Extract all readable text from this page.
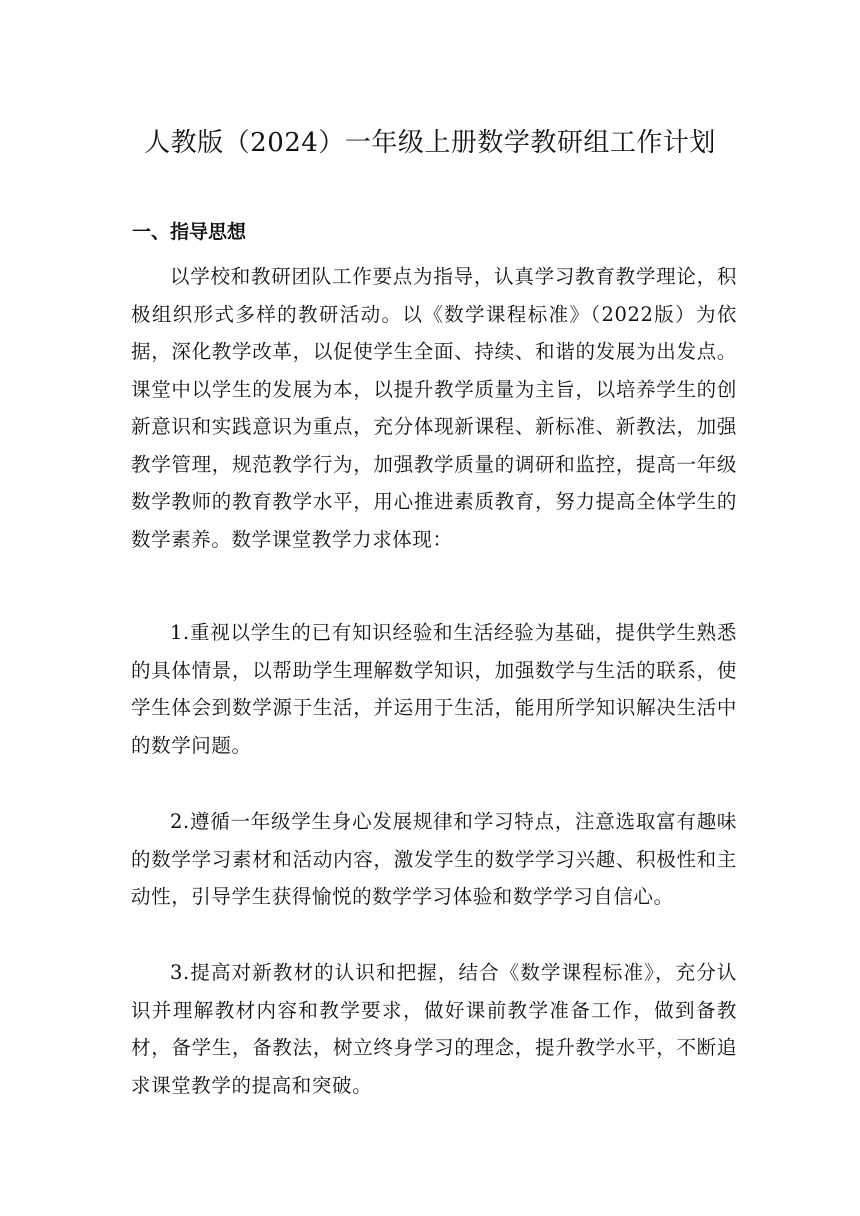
人教版（2024）一年级上册数学教研组工作计划
一、指导思想

以学校和教研团队工作要点为指导，认真学习教育教学理论，积极组织形式多样的教研活动。以《数学课程标准》（2022版）为依据，深化教学改革，以促使学生全面、持续、和谐的发展为出发点。课堂中以学生的发展为本，以提升教学质量为主旨，以培养学生的创新意识和实践意识为重点，充分体现新课程、新标准、新教法，加强教学管理，规范教学行为，加强教学质量的调研和监控，提高一年级数学教师的教育教学水平，用心推进素质教育，努力提高全体学生的数学素养。数学课堂教学力求体现：

1.重视以学生的已有知识经验和生活经验为基础，提供学生熟悉的具体情景，以帮助学生理解数学知识，加强数学与生活的联系，使学生体会到数学源于生活，并运用于生活，能用所学知识解决生活中的数学问题。

2.遵循一年级学生身心发展规律和学习特点，注意选取富有趣味的数学学习素材和活动内容，激发学生的数学学习兴趣、积极性和主动性，引导学生获得愉悦的数学学习体验和数学学习自信心。

3.提高对新教材的认识和把握，结合《数学课程标准》，充分认识并理解教材内容和教学要求，做好课前教学准备工作，做到备教材，备学生，备教法，树立终身学习的理念，提升教学水平，不断追求课堂教学的提高和突破。
